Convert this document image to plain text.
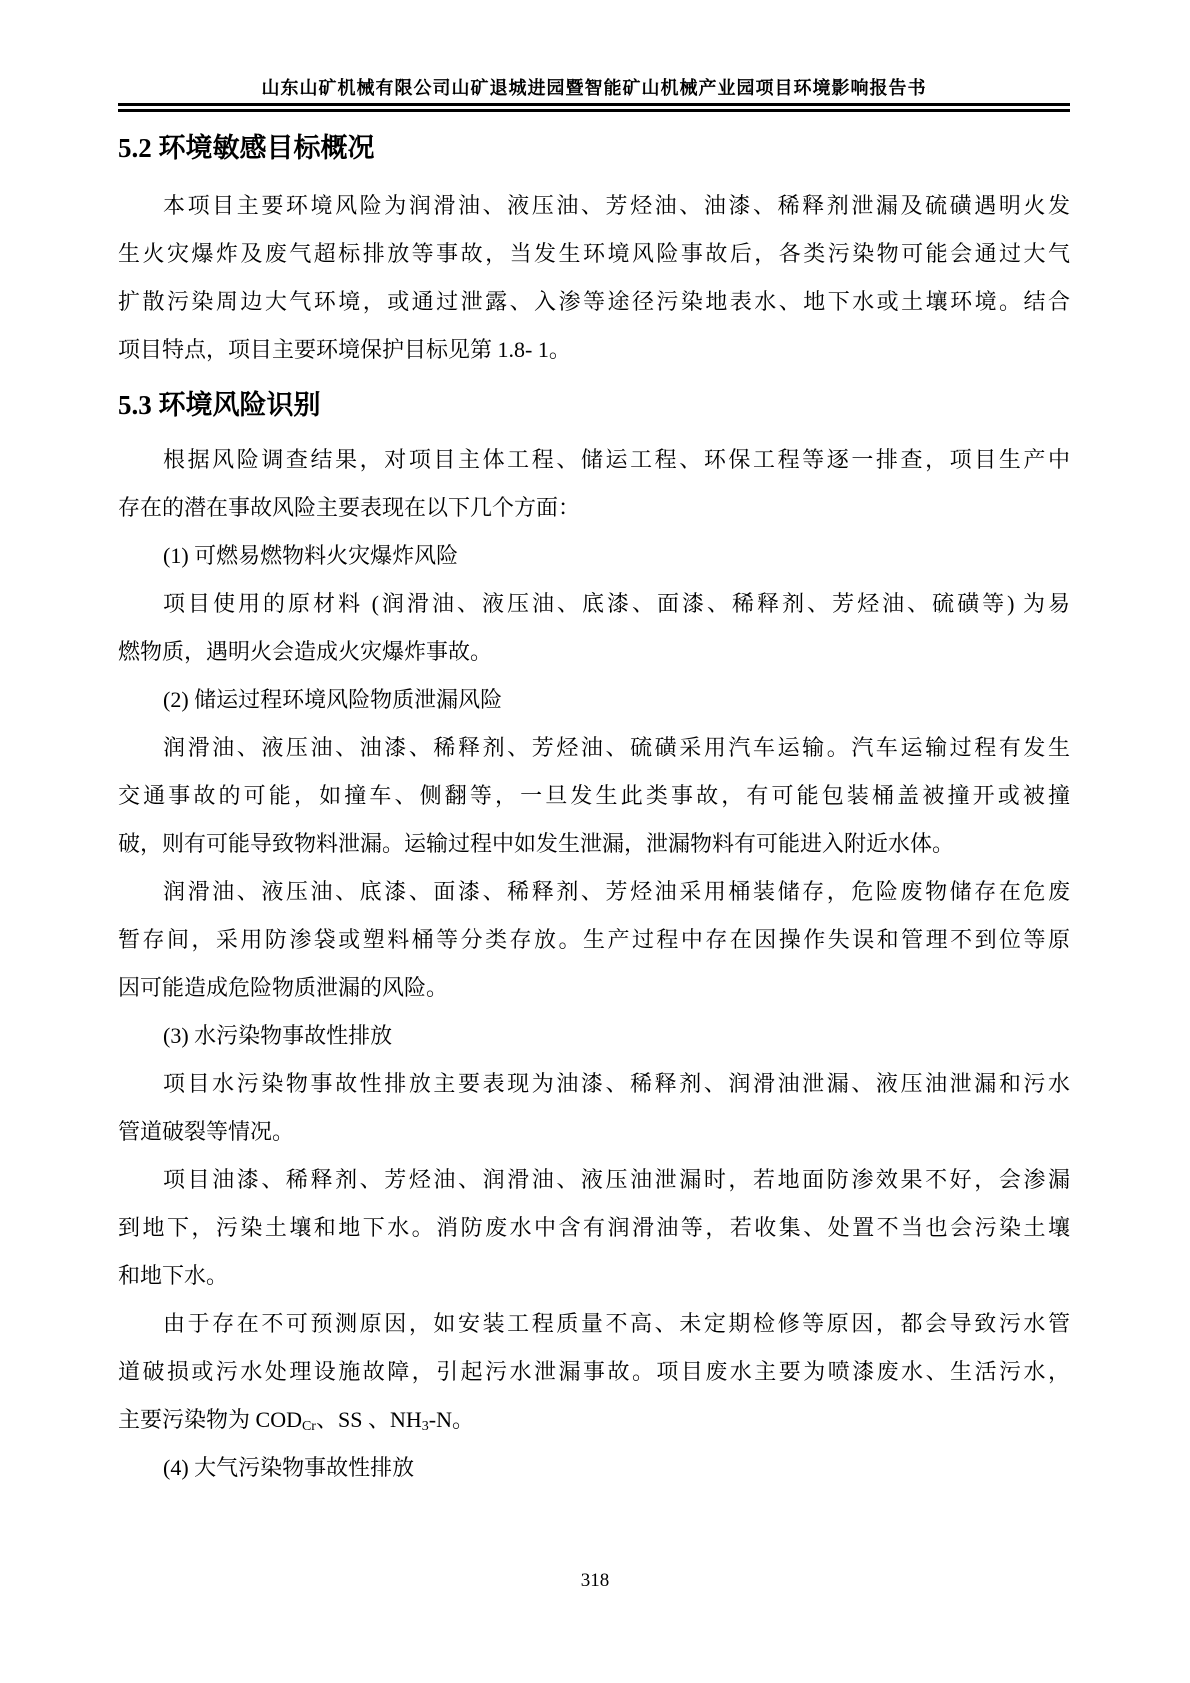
山东山矿机械有限公司山矿退城进园暨智能矿山机械产业园项目环境影响报告书
5.2 环境敏感目标概况
本项目主要环境风险为润滑油、液压油、芳烃油、油漆、稀释剂泄漏及硫磺遇明火发
生火灾爆炸及废气超标排放等事故，当发生环境风险事故后，各类污染物可能会通过大气
扩散污染周边大气环境，或通过泄露、入渗等途径污染地表水、地下水或土壤环境。结合
项目特点，项目主要环境保护目标见第 1.8- 1。
5.3 环境风险识别
根据风险调查结果，对项目主体工程、储运工程、环保工程等逐一排查，项目生产中
存在的潜在事故风险主要表现在以下几个方面：
(1) 可燃易燃物料火灾爆炸风险
项目使用的原材料 (润滑油、液压油、底漆、面漆、稀释剂、芳烃油、硫磺等) 为易
燃物质，遇明火会造成火灾爆炸事故。
(2) 储运过程环境风险物质泄漏风险
润滑油、液压油、油漆、稀释剂、芳烃油、硫磺采用汽车运输。汽车运输过程有发生
交通事故的可能，如撞车、侧翻等，一旦发生此类事故，有可能包装桶盖被撞开或被撞
破，则有可能导致物料泄漏。运输过程中如发生泄漏，泄漏物料有可能进入附近水体。
润滑油、液压油、底漆、面漆、稀释剂、芳烃油采用桶装储存，危险废物储存在危废
暂存间，采用防渗袋或塑料桶等分类存放。生产过程中存在因操作失误和管理不到位等原
因可能造成危险物质泄漏的风险。
(3) 水污染物事故性排放
项目水污染物事故性排放主要表现为油漆、稀释剂、润滑油泄漏、液压油泄漏和污水
管道破裂等情况。
项目油漆、稀释剂、芳烃油、润滑油、液压油泄漏时，若地面防渗效果不好，会渗漏
到地下，污染土壤和地下水。消防废水中含有润滑油等，若收集、处置不当也会污染土壤
和地下水。
由于存在不可预测原因，如安装工程质量不高、未定期检修等原因，都会导致污水管
道破损或污水处理设施故障，引起污水泄漏事故。项目废水主要为喷漆废水、生活污水，
主要污染物为 $COD_{Cr}$、SS 、$NH_3-N$。
(4) 大气污染物事故性排放
318
